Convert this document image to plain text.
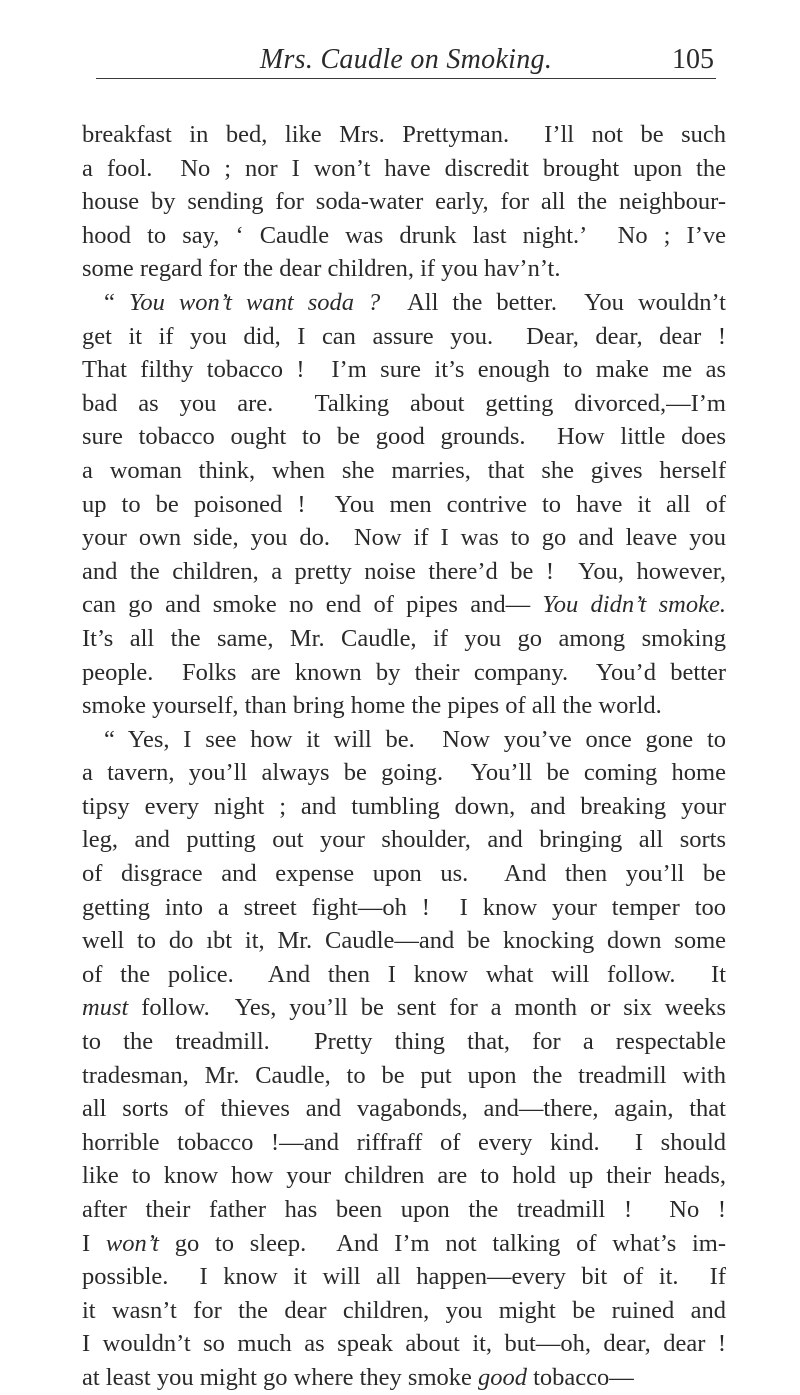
Mrs. Caudle on Smoking.	105
breakfast in bed, like Mrs. Prettyman.  I’ll not be such
a fool.  No ; nor I won’t have discredit brought upon the
house by sending for soda-water early, for all the neighbour-
hood to say, ‘ Caudle was drunk last night.’  No ; I’ve
some regard for the dear children, if you hav’n’t.
“ You won’t want soda ?  All the better.  You wouldn’t
get it if you did, I can assure you.  Dear, dear, dear !
That filthy tobacco !  I’m sure it’s enough to make me as
bad as you are.  Talking about getting divorced,—I’m
sure tobacco ought to be good grounds.  How little does
a woman think, when she marries, that she gives herself
up to be poisoned !  You men contrive to have it all of
your own side, you do.  Now if I was to go and leave you
and the children, a pretty noise there’d be !  You, however,
can go and smoke no end of pipes and— You didn’t smoke.
It’s all the same, Mr. Caudle, if you go among smoking
people.  Folks are known by their company.  You’d better
smoke yourself, than bring home the pipes of all the world.
“ Yes, I see how it will be.  Now you’ve once gone to
a tavern, you’ll always be going.  You’ll be coming home
tipsy every night ; and tumbling down, and breaking your
leg, and putting out your shoulder, and bringing all sorts
of disgrace and expense upon us.  And then you’ll be
getting into a street fight—oh !  I know your temper too
well to do ıbt it, Mr. Caudle—and be knocking down some
of the police.  And then I know what will follow.  It
must follow.  Yes, you’ll be sent for a month or six weeks
to the treadmill.  Pretty thing that, for a respectable
tradesman, Mr. Caudle, to be put upon the treadmill with
all sorts of thieves and vagabonds, and—there, again, that
horrible tobacco !—and riffraff of every kind.  I should
like to know how your children are to hold up their heads,
after their father has been upon the treadmill !  No !
I won’t go to sleep.  And I’m not talking of what’s im-
possible.  I know it will all happen—every bit of it.  If
it wasn’t for the dear children, you might be ruined and
I wouldn’t so much as speak about it, but—oh, dear, dear !
at least you might go where they smoke good tobacco—
